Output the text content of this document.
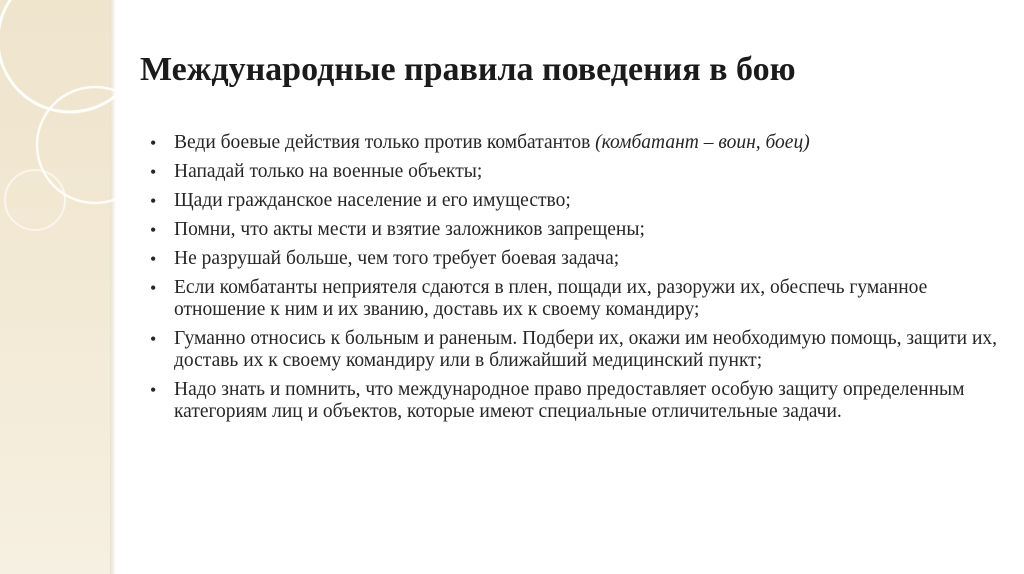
Международные правила поведения в бою
• Веди боевые действия только против комбатантов (комбатант – воин, боец)
• Нападай только на военные объекты;
• Щади гражданское население и его имущество;
• Помни, что акты мести и взятие заложников запрещены;
• Не разрушай больше, чем того требует боевая задача;
• Если комбатанты неприятеля сдаются в плен, пощади их, разоружи их, обеспечь гуманное отношение к ним и их званию, доставь их к своему командиру;
• Гуманно относись к больным и раненым. Подбери их, окажи им необходимую помощь, защити их, доставь их к своему командиру или в ближайший медицинский пункт;
• Надо знать и помнить, что международное право предоставляет особую защиту определенным категориям лиц и объектов, которые имеют специальные отличительные задачи.
